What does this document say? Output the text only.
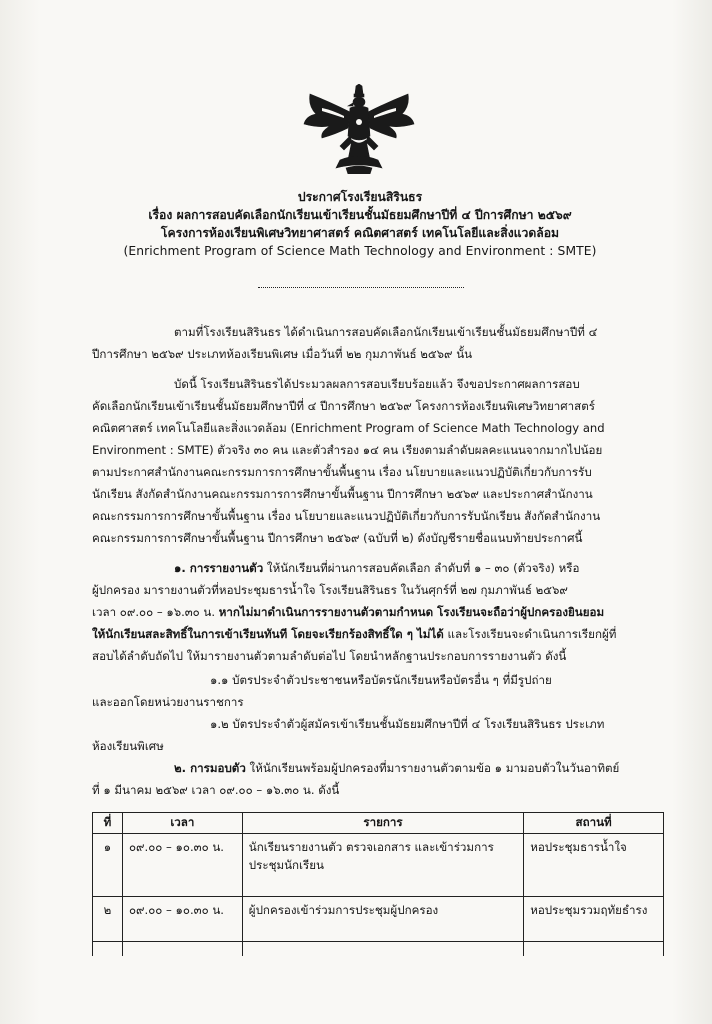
ประกาศโรงเรียนสิรินธร
เรื่อง ผลการสอบคัดเลือกนักเรียนเข้าเรียนชั้นมัธยมศึกษาปีที่ ๔ ปีการศึกษา ๒๕๖๙
โครงการห้องเรียนพิเศษวิทยาศาสตร์ คณิตศาสตร์ เทคโนโลยีและสิ่งแวดล้อม
(Enrichment Program of Science Math Technology and Environment : SMTE)
ตามที่โรงเรียนสิรินธร ได้ดำเนินการสอบคัดเลือกนักเรียนเข้าเรียนชั้นมัธยมศึกษาปีที่ ๔
ปีการศึกษา ๒๕๖๙ ประเภทห้องเรียนพิเศษ เมื่อวันที่ ๒๒ กุมภาพันธ์ ๒๕๖๙ นั้น
บัดนี้ โรงเรียนสิรินธรได้ประมวลผลการสอบเรียบร้อยแล้ว จึงขอประกาศผลการสอบ
คัดเลือกนักเรียนเข้าเรียนชั้นมัธยมศึกษาปีที่ ๔ ปีการศึกษา ๒๕๖๙ โครงการห้องเรียนพิเศษวิทยาศาสตร์
คณิตศาสตร์ เทคโนโลยีและสิ่งแวดล้อม (Enrichment Program of Science Math Technology and
Environment : SMTE) ตัวจริง ๓๐ คน และตัวสำรอง ๑๔ คน เรียงตามลำดับผลคะแนนจากมากไปน้อย
ตามประกาศสำนักงานคณะกรรมการการศึกษาขั้นพื้นฐาน เรื่อง นโยบายและแนวปฏิบัติเกี่ยวกับการรับ
นักเรียน สังกัดสำนักงานคณะกรรมการการศึกษาขั้นพื้นฐาน ปีการศึกษา ๒๕๖๙ และประกาศสำนักงาน
คณะกรรมการการศึกษาขั้นพื้นฐาน เรื่อง นโยบายและแนวปฏิบัติเกี่ยวกับการรับนักเรียน สังกัดสำนักงาน
คณะกรรมการการศึกษาขั้นพื้นฐาน ปีการศึกษา ๒๕๖๙ (ฉบับที่ ๒) ดังบัญชีรายชื่อแนบท้ายประกาศนี้
๑. การรายงานตัว ให้นักเรียนที่ผ่านการสอบคัดเลือก ลำดับที่ ๑ – ๓๐ (ตัวจริง) หรือ
ผู้ปกครอง มารายงานตัวที่หอประชุมธารน้ำใจ โรงเรียนสิรินธร ในวันศุกร์ที่ ๒๗ กุมภาพันธ์ ๒๕๖๙
เวลา ๐๙.๐๐ – ๑๖.๓๐ น. หากไม่มาดำเนินการรายงานตัวตามกำหนด โรงเรียนจะถือว่าผู้ปกครองยินยอม
ให้นักเรียนสละสิทธิ์ในการเข้าเรียนทันที โดยจะเรียกร้องสิทธิ์ใด ๆ ไม่ได้ และโรงเรียนจะดำเนินการเรียกผู้ที่
สอบได้ลำดับถัดไป ให้มารายงานตัวตามลำดับต่อไป โดยนำหลักฐานประกอบการรายงานตัว ดังนี้
๑.๑ บัตรประจำตัวประชาชนหรือบัตรนักเรียนหรือบัตรอื่น ๆ ที่มีรูปถ่าย
และออกโดยหน่วยงานราชการ
๑.๒ บัตรประจำตัวผู้สมัครเข้าเรียนชั้นมัธยมศึกษาปีที่ ๔ โรงเรียนสิรินธร ประเภท
ห้องเรียนพิเศษ
๒. การมอบตัว ให้นักเรียนพร้อมผู้ปกครองที่มารายงานตัวตามข้อ ๑ มามอบตัวในวันอาทิตย์
ที่ ๑ มีนาคม ๒๕๖๙ เวลา ๐๙.๐๐ – ๑๖.๓๐ น. ดังนี้
ที่	เวลา	รายการ	สถานที่
๑	๐๙.๐๐ – ๑๐.๓๐ น.	นักเรียนรายงานตัว ตรวจเอกสาร และเข้าร่วมการประชุมนักเรียน	หอประชุมธารน้ำใจ
๒	๐๙.๐๐ – ๑๐.๓๐ น.	ผู้ปกครองเข้าร่วมการประชุมผู้ปกครอง	หอประชุมรวมฤทัยธำรง
